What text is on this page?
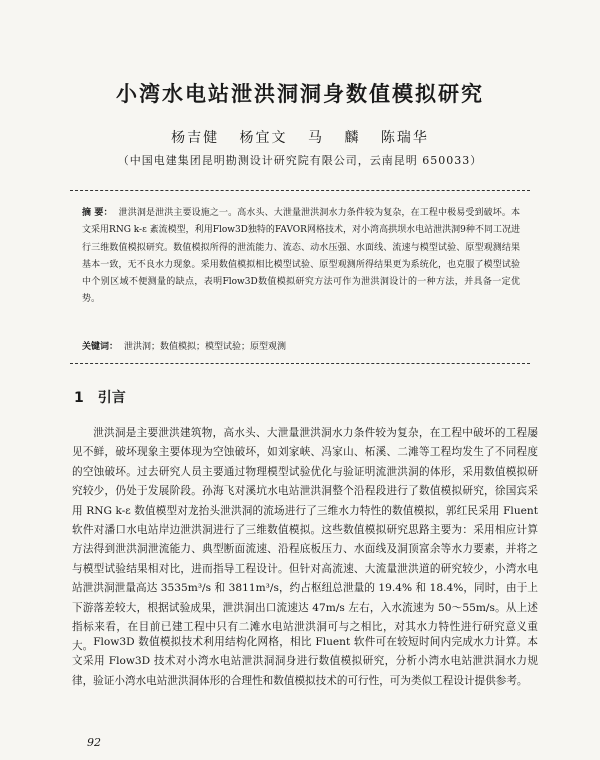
小湾水电站泄洪洞洞身数值模拟研究
杨吉健 杨宜文 马 麟 陈瑞华
（中国电建集团昆明勘测设计研究院有限公司，云南昆明 650033）
摘 要： 泄洪洞是泄洪主要设施之一。高水头、大泄量泄洪洞水力条件较为复杂，在工程中极易受到破坏。本文采用RNG k-ε 紊流模型，利用Flow3D独特的FAVOR网格技术，对小湾高拱坝水电站泄洪洞9种不同工况进行三维数值模拟研究。数值模拟所得的泄流能力、流态、动水压强、水面线、流速与模型试验、原型观测结果基本一致，无不良水力现象。采用数值模拟相比模型试验、原型观测所得结果更为系统化，也克服了模型试验中个别区域不便测量的缺点，表明Flow3D数值模拟研究方法可作为泄洪洞设计的一种方法，并具备一定优势。
关键词： 泄洪洞；数值模拟；模型试验；原型观测
1 引言

泄洪洞是主要泄洪建筑物，高水头、大泄量泄洪洞水力条件较为复杂，在工程中破坏的工程屡见不鲜，破坏现象主要体现为空蚀破坏，如刘家峡、冯家山、柘溪、二滩等工程均发生了不同程度的空蚀破坏。过去研究人员主要通过物理模型试验优化与验证明流泄洪洞的体形，采用数值模拟研究较少，仍处于发展阶段。孙海飞对溪坑水电站泄洪洞整个沿程段进行了数值模拟研究，徐国宾采用 RNG k-ε 数值模型对龙抬头泄洪洞的流场进行了三维水力特性的数值模拟，郭红民采用 Fluent 软件对潘口水电站岸边泄洪洞进行了三维数值模拟。这些数值模拟研究思路主要为：采用相应计算方法得到泄洪洞泄流能力、典型断面流速、沿程底板压力、水面线及洞顶富余等水力要素，并将之与模型试验结果相对比，进而指导工程设计。但针对高流速、大流量泄洪道的研究较少，小湾水电站泄洪洞泄量高达 3535m³/s 和 3811m³/s，约占枢纽总泄量的 19.4% 和 18.4%，同时，由于上下游落差较大，根据试验成果，泄洪洞出口流速达 47m/s 左右，入水流速为 50～55m/s。从上述指标来看，在目前已建工程中只有二滩水电站泄洪洞可与之相比，对其水力特性进行研究意义重大。 Flow3D 数值模拟技术利用结构化网格，相比 Fluent 软件可在较短时间内完成水力计算。本文采用 Flow3D 技术对小湾水电站泄洪洞洞身进行数值模拟研究，分析小湾水电站泄洪洞水力规律，验证小湾水电站泄洪洞体形的合理性和数值模拟技术的可行性，可为类似工程设计提供参考。

92
